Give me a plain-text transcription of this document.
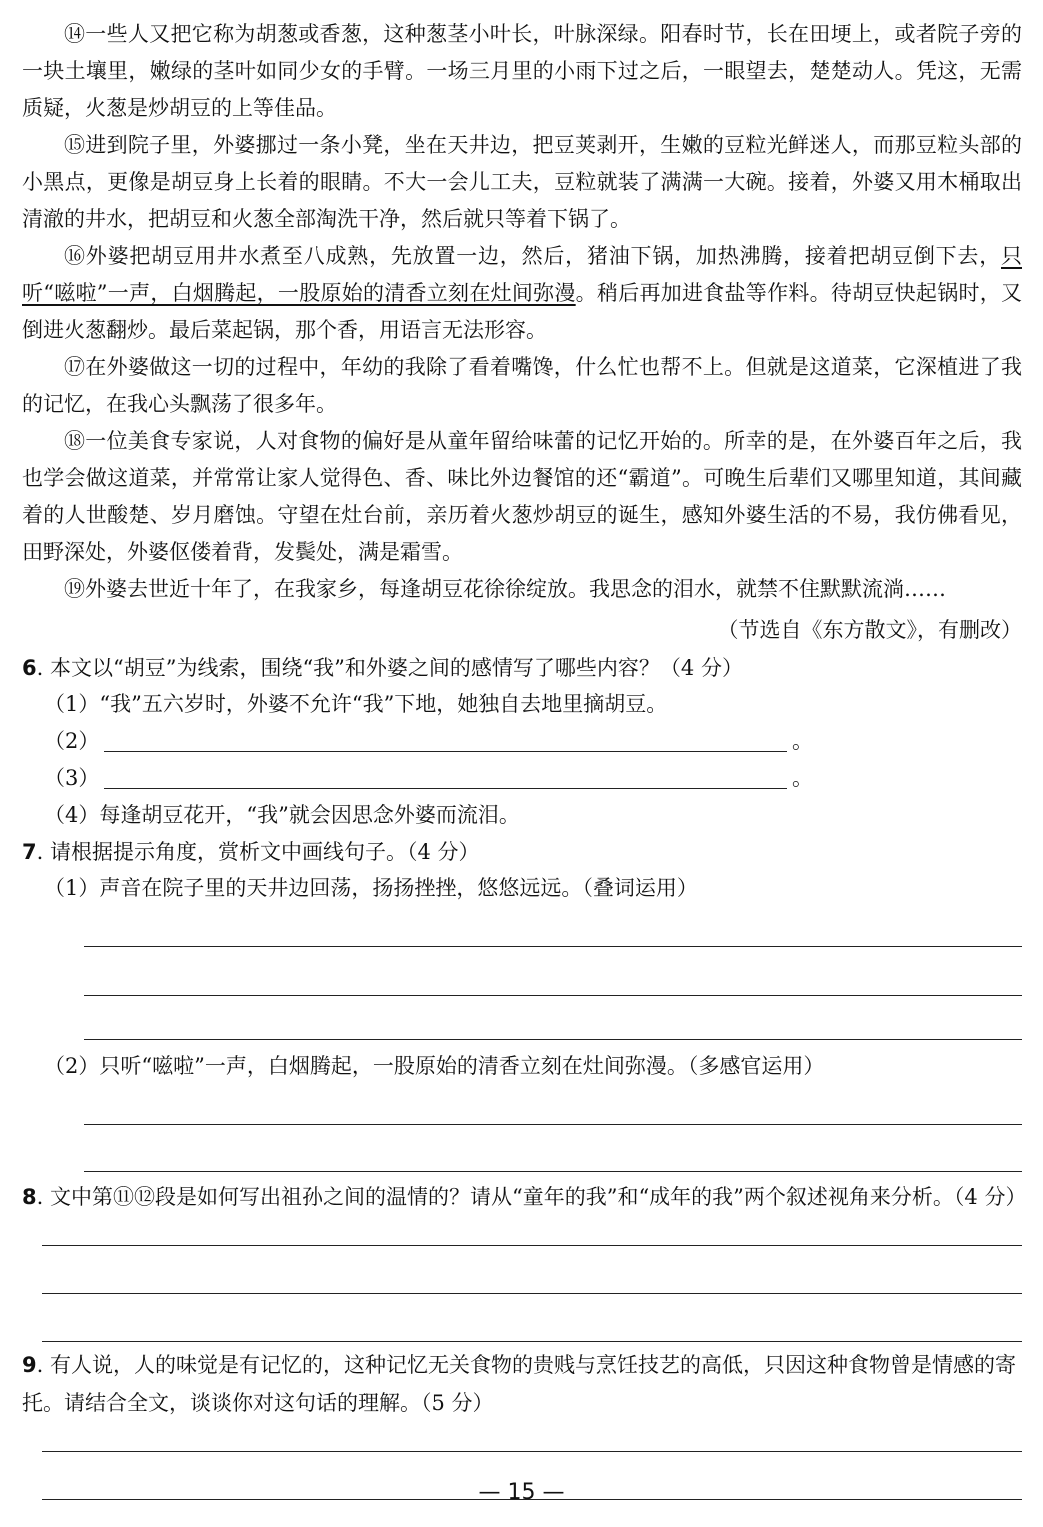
⑭一些人又把它称为胡葱或香葱，这种葱茎小叶长，叶脉深绿。阳春时节，长在田埂上，或者院子旁的一块土壤里，嫩绿的茎叶如同少女的手臂。一场三月里的小雨下过之后，一眼望去，楚楚动人。凭这，无需质疑，火葱是炒胡豆的上等佳品。

⑮进到院子里，外婆挪过一条小凳，坐在天井边，把豆荚剥开，生嫩的豆粒光鲜迷人，而那豆粒头部的小黑点，更像是胡豆身上长着的眼睛。不大一会儿工夫，豆粒就装了满满一大碗。接着，外婆又用木桶取出清澈的井水，把胡豆和火葱全部淘洗干净，然后就只等着下锅了。

⑯外婆把胡豆用井水煮至八成熟，先放置一边，然后，猪油下锅，加热沸腾，接着把胡豆倒下去，只听“嗞啦”一声，白烟腾起，一股原始的清香立刻在灶间弥漫。稍后再加进食盐等作料。待胡豆快起锅时，又倒进火葱翻炒。最后菜起锅，那个香，用语言无法形容。

⑰在外婆做这一切的过程中，年幼的我除了看着嘴馋，什么忙也帮不上。但就是这道菜，它深植进了我的记忆，在我心头飘荡了很多年。

⑱一位美食专家说，人对食物的偏好是从童年留给味蕾的记忆开始的。所幸的是，在外婆百年之后，我也学会做这道菜，并常常让家人觉得色、香、味比外边餐馆的还“霸道”。可晚生后辈们又哪里知道，其间藏着的人世酸楚、岁月磨蚀。守望在灶台前，亲历着火葱炒胡豆的诞生，感知外婆生活的不易，我仿佛看见，田野深处，外婆伛偻着背，发鬓处，满是霜雪。

⑲外婆去世近十年了，在我家乡，每逢胡豆花徐徐绽放。我思念的泪水，就禁不住默默流淌……

（节选自《东方散文》，有删改）

6. 本文以“胡豆”为线索，围绕“我”和外婆之间的感情写了哪些内容？（4 分）

（1）“我”五六岁时，外婆不允许“我”下地，她独自去地里摘胡豆。

（2）	。
（3）	。

（4）每逢胡豆花开，“我”就会因思念外婆而流泪。

7. 请根据提示角度，赏析文中画线句子。（4 分）

（1）声音在院子里的天井边回荡，扬扬挫挫，悠悠远远。（叠词运用）

（2）只听“嗞啦”一声，白烟腾起，一股原始的清香立刻在灶间弥漫。（多感官运用）

8. 文中第⑪⑫段是如何写出祖孙之间的温情的？请从“童年的我”和“成年的我”两个叙述视角来分析。（4 分）

9. 有人说，人的味觉是有记忆的，这种记忆无关食物的贵贱与烹饪技艺的高低，只因这种食物曾是情感的寄托。请结合全文，谈谈你对这句话的理解。（5 分）

— 15 —
